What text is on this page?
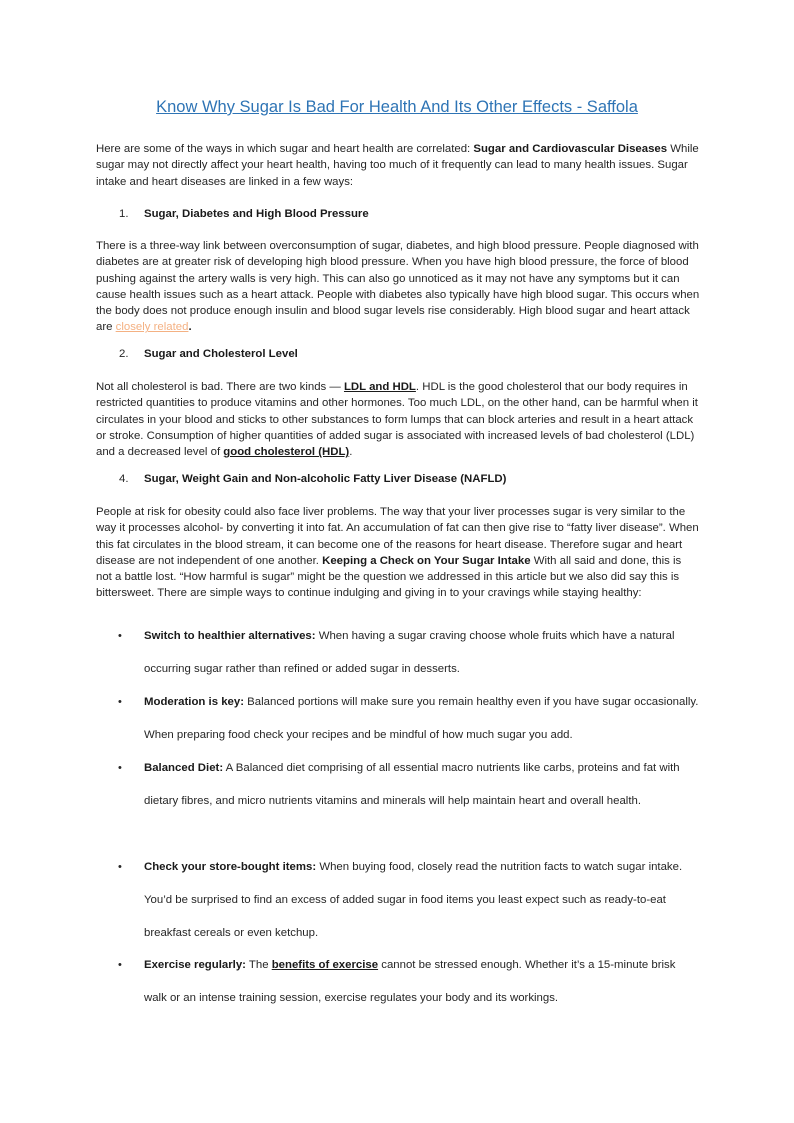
Know Why Sugar Is Bad For Health And Its Other Effects - Saffola

Here are some of the ways in which sugar and heart health are correlated: Sugar and Cardiovascular Diseases While sugar may not directly affect your heart health, having too much of it frequently can lead to many health issues. Sugar intake and heart diseases are linked in a few ways:

1. Sugar, Diabetes and High Blood Pressure

There is a three-way link between overconsumption of sugar, diabetes, and high blood pressure. People diagnosed with diabetes are at greater risk of developing high blood pressure. When you have high blood pressure, the force of blood pushing against the artery walls is very high. This can also go unnoticed as it may not have any symptoms but it can cause health issues such as a heart attack. People with diabetes also typically have high blood sugar. This occurs when the body does not produce enough insulin and blood sugar levels rise considerably. High blood sugar and heart attack are closely related.

2. Sugar and Cholesterol Level

Not all cholesterol is bad. There are two kinds — LDL and HDL. HDL is the good cholesterol that our body requires in restricted quantities to produce vitamins and other hormones. Too much LDL, on the other hand, can be harmful when it circulates in your blood and sticks to other substances to form lumps that can block arteries and result in a heart attack or stroke. Consumption of higher quantities of added sugar is associated with increased levels of bad cholesterol (LDL) and a decreased level of good cholesterol (HDL).

4. Sugar, Weight Gain and Non-alcoholic Fatty Liver Disease (NAFLD)

People at risk for obesity could also face liver problems. The way that your liver processes sugar is very similar to the way it processes alcohol- by converting it into fat. An accumulation of fat can then give rise to “fatty liver disease”. When this fat circulates in the blood stream, it can become one of the reasons for heart disease. Therefore sugar and heart disease are not independent of one another. Keeping a Check on Your Sugar Intake With all said and done, this is not a battle lost. “How harmful is sugar” might be the question we addressed in this article but we also did say this is bittersweet. There are simple ways to continue indulging and giving in to your cravings while staying healthy:

• Switch to healthier alternatives: When having a sugar craving choose whole fruits which have a natural occurring sugar rather than refined or added sugar in desserts.
• Moderation is key: Balanced portions will make sure you remain healthy even if you have sugar occasionally. When preparing food check your recipes and be mindful of how much sugar you add.
• Balanced Diet: A Balanced diet comprising of all essential macro nutrients like carbs, proteins and fat with dietary fibres, and micro nutrients vitamins and minerals will help maintain heart and overall health.
• Check your store-bought items: When buying food, closely read the nutrition facts to watch sugar intake. You’d be surprised to find an excess of added sugar in food items you least expect such as ready-to-eat breakfast cereals or even ketchup.
• Exercise regularly: The benefits of exercise cannot be stressed enough. Whether it’s a 15-minute brisk walk or an intense training session, exercise regulates your body and its workings.
